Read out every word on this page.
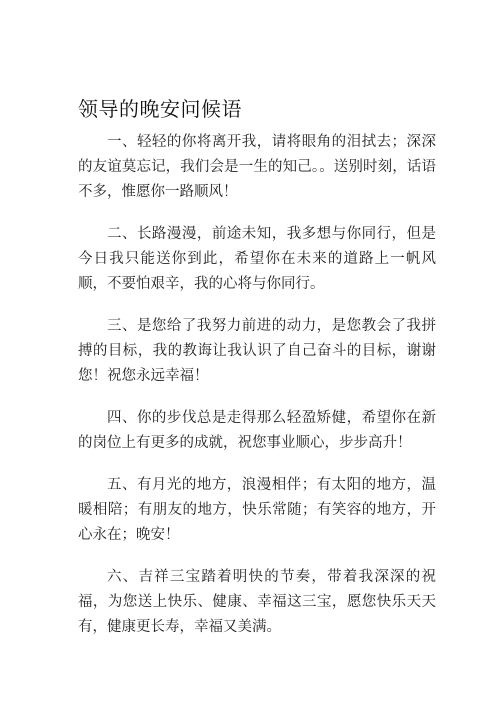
领导的晚安问候语

一、轻轻的你将离开我，请将眼角的泪拭去；深深的友谊莫忘记，我们会是一生的知己。。送别时刻，话语不多，惟愿你一路顺风！

二、长路漫漫，前途未知，我多想与你同行，但是今日我只能送你到此，希望你在未来的道路上一帆风顺，不要怕艰辛，我的心将与你同行。

三、是您给了我努力前进的动力，是您教会了我拼搏的目标，我的教诲让我认识了自己奋斗的目标，谢谢您！祝您永远幸福！

四、你的步伐总是走得那么轻盈矫健，希望你在新的岗位上有更多的成就，祝您事业顺心，步步高升！

五、有月光的地方，浪漫相伴；有太阳的地方，温暖相陪；有朋友的地方，快乐常随；有笑容的地方，开心永在；晚安！

六、吉祥三宝踏着明快的节奏，带着我深深的祝福，为您送上快乐、健康、幸福这三宝，愿您快乐天天有，健康更长寿，幸福又美满。
